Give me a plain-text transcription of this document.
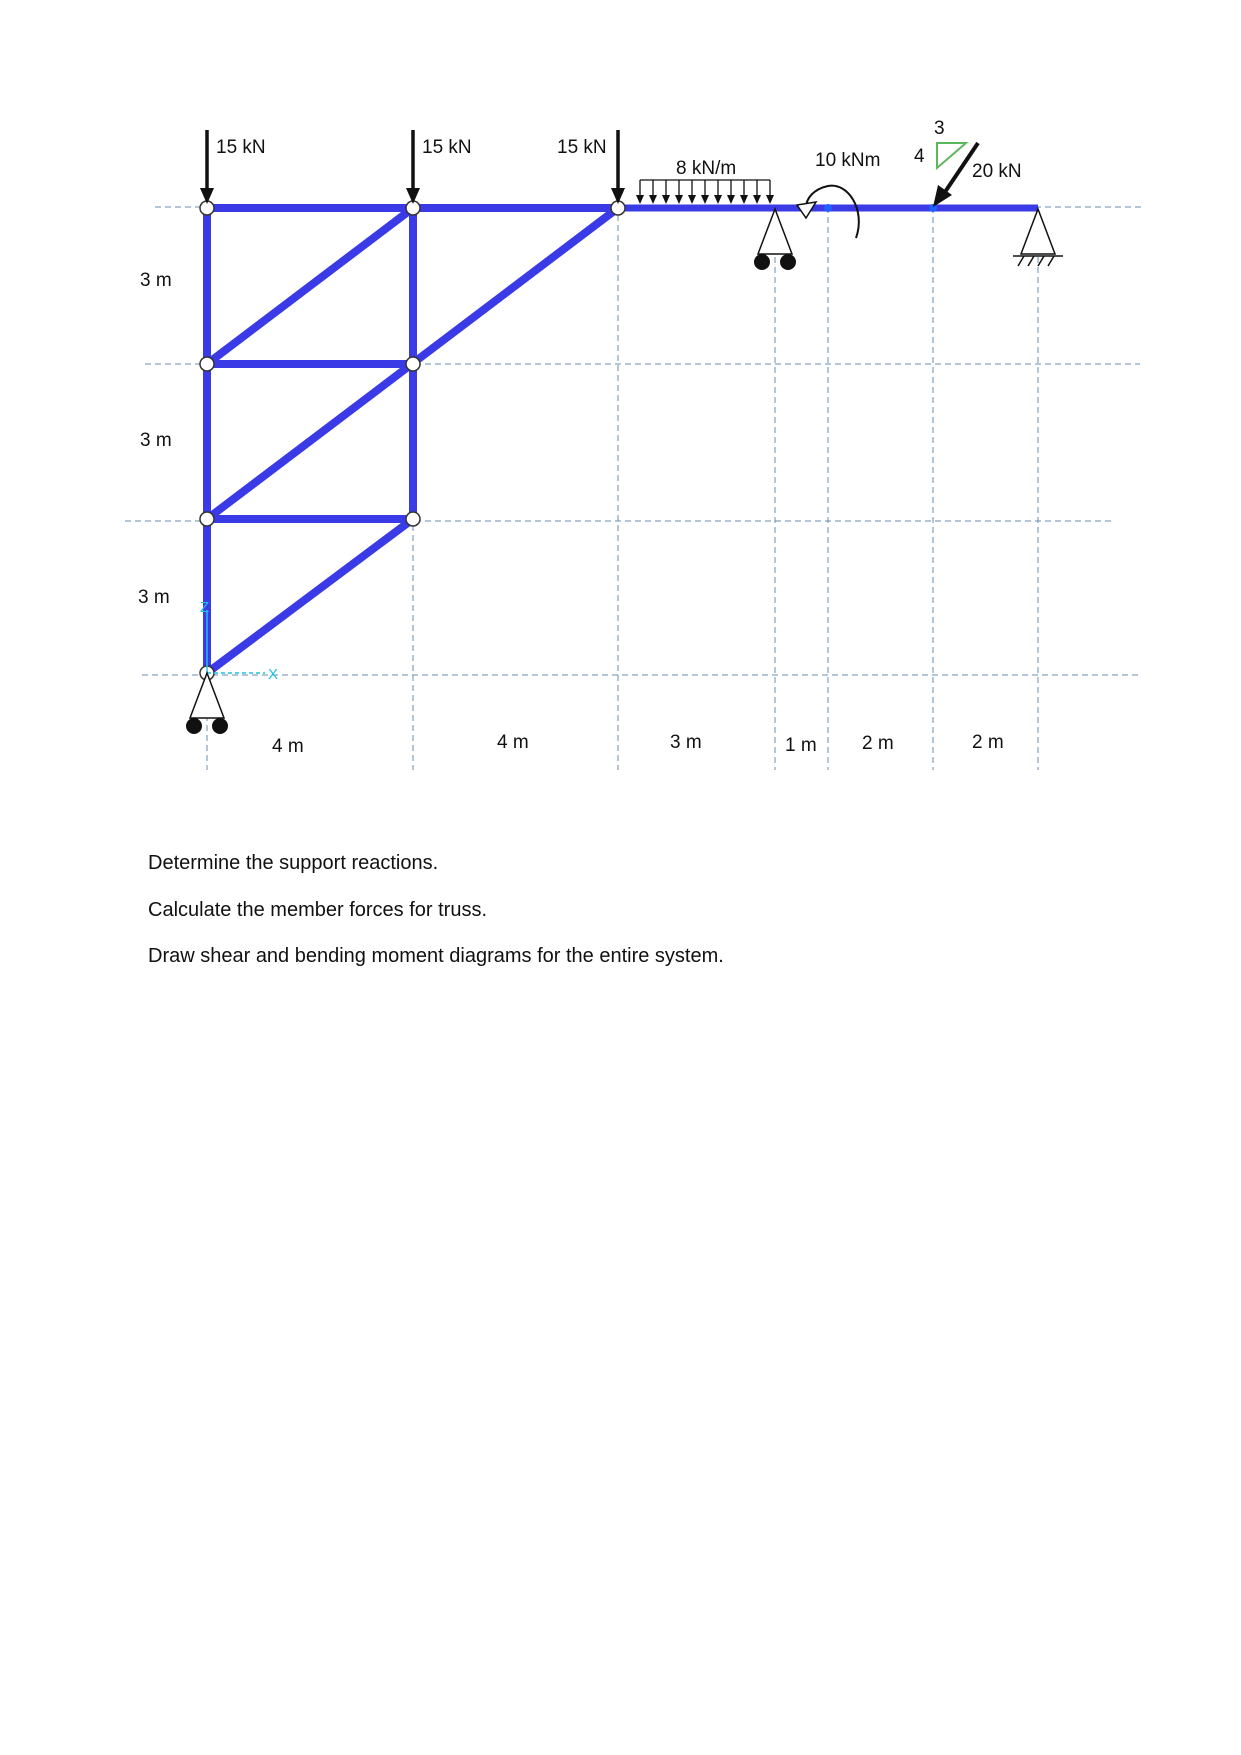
Z
X
15 kN	15 kN	15 kN
8 kN/m	10 kNm
3
4
20 kN
3 m
3 m
3 m
4 m	4 m	3 m	1 m 2 m	2 m
Determine the support reactions.
Calculate the member forces for truss.
Draw shear and bending moment diagrams for the entire system.
